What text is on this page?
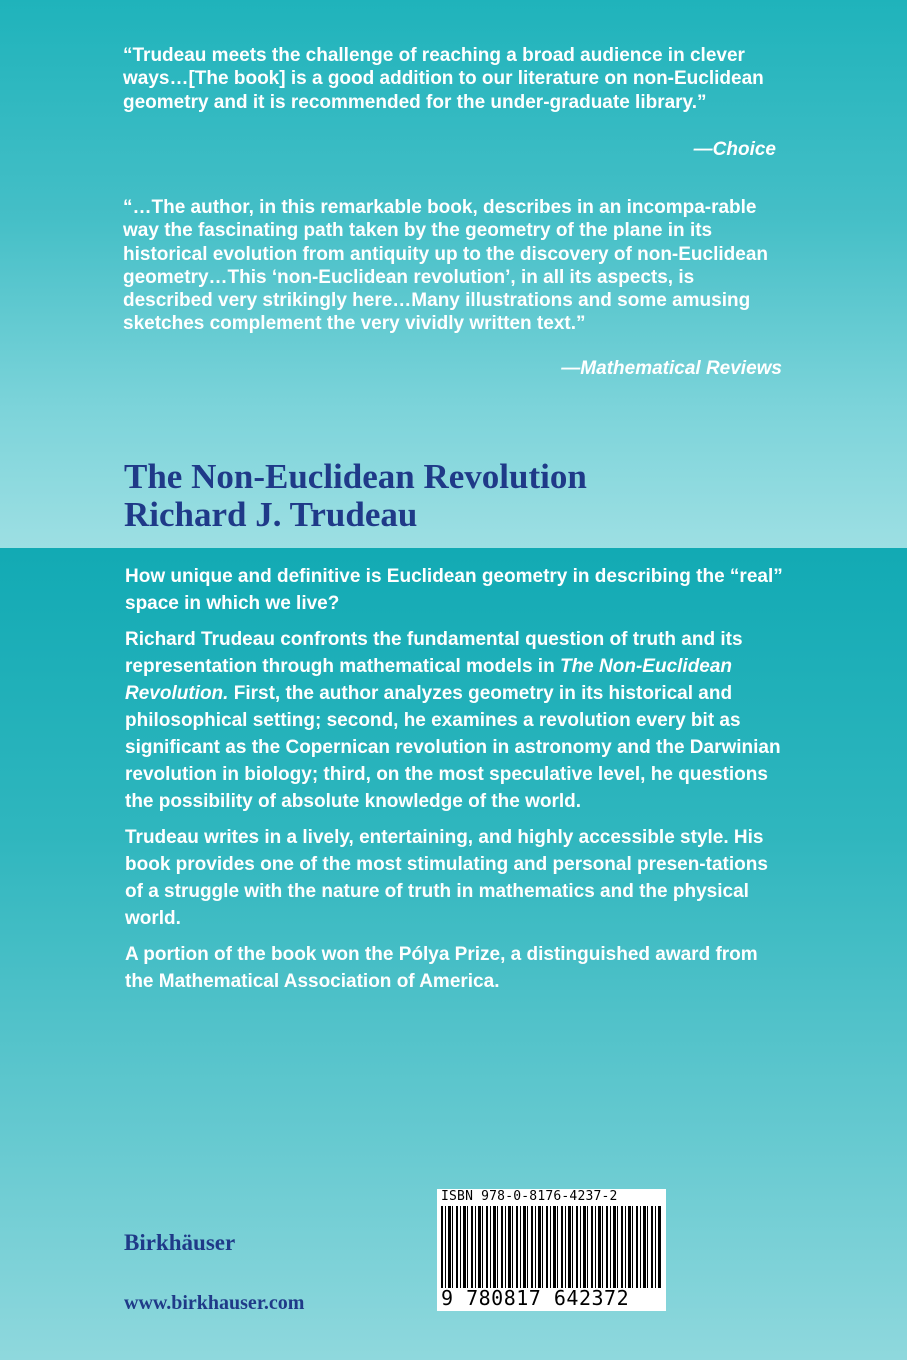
“Trudeau meets the challenge of reaching a broad audience in clever ways…[The book] is a good addition to our literature on non-Euclidean geometry and it is recommended for the under-graduate library.”
—Choice
“…The author, in this remarkable book, describes in an incompa-rable way the fascinating path taken by the geometry of the plane in its historical evolution from antiquity up to the discovery of non-Euclidean geometry…This ‘non-Euclidean revolution’, in all its aspects, is described very strikingly here…Many illustrations and some amusing sketches complement the very vividly written text.”
—Mathematical Reviews
The Non-Euclidean Revolution
Richard J. Trudeau

How unique and definitive is Euclidean geometry in describing the “real” space in which we live?

Richard Trudeau confronts the fundamental question of truth and its representation through mathematical models in The Non-Euclidean Revolution. First, the author analyzes geometry in its historical and philosophical setting; second, he examines a revolution every bit as significant as the Copernican revolution in astronomy and the Darwinian revolution in biology; third, on the most speculative level, he questions the possibility of absolute knowledge of the world.

Trudeau writes in a lively, entertaining, and highly accessible style. His book provides one of the most stimulating and personal presen-tations of a struggle with the nature of truth in mathematics and the physical world.

A portion of the book won the Pólya Prize, a distinguished award from the Mathematical Association of America.

Birkhäuser
www.birkhauser.com
ISBN 978-0-8176-4237-2
9 780817 642372
